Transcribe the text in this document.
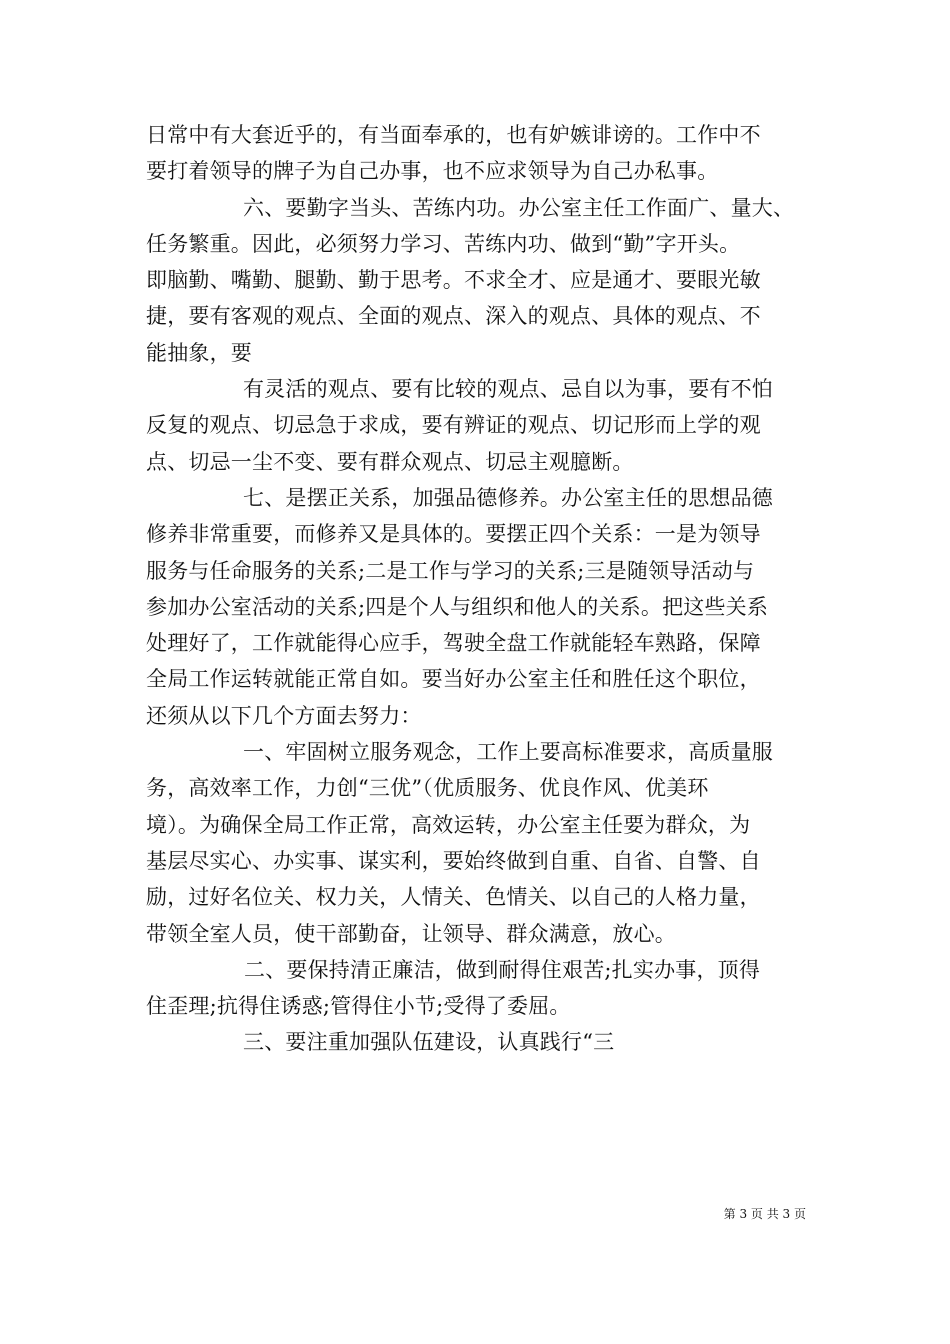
日常中有大套近乎的，有当面奉承的，也有妒嫉诽谤的。工作中不
要打着领导的牌子为自己办事，也不应求领导为自己办私事。
六、要勤字当头、苦练内功。办公室主任工作面广、量大、
任务繁重。因此，必须努力学习、苦练内功、做到“勤”字开头。
即脑勤、嘴勤、腿勤、勤于思考。不求全才、应是通才、要眼光敏
捷，要有客观的观点、全面的观点、深入的观点、具体的观点、不
能抽象，要
有灵活的观点、要有比较的观点、忌自以为事，要有不怕
反复的观点、切忌急于求成，要有辨证的观点、切记形而上学的观
点、切忌一尘不变、要有群众观点、切忌主观臆断。
七、是摆正关系，加强品德修养。办公室主任的思想品德
修养非常重要，而修养又是具体的。要摆正四个关系：一是为领导
服务与任命服务的关系;二是工作与学习的关系;三是随领导活动与
参加办公室活动的关系;四是个人与组织和他人的关系。把这些关系
处理好了，工作就能得心应手，驾驶全盘工作就能轻车熟路，保障
全局工作运转就能正常自如。要当好办公室主任和胜任这个职位，
还须从以下几个方面去努力：
一、牢固树立服务观念，工作上要高标准要求，高质量服
务，高效率工作，力创“三优”（优质服务、优良作风、优美环
境）。为确保全局工作正常，高效运转，办公室主任要为群众，为
基层尽实心、办实事、谋实利，要始终做到自重、自省、自警、自
励，过好名位关、权力关，人情关、色情关、以自己的人格力量，
带领全室人员，使干部勤奋，让领导、群众满意，放心。
二、要保持清正廉洁，做到耐得住艰苦;扎实办事，顶得
住歪理;抗得住诱惑;管得住小节;受得了委屈。
三、要注重加强队伍建设，认真践行“三
第 3 页 共 3 页
